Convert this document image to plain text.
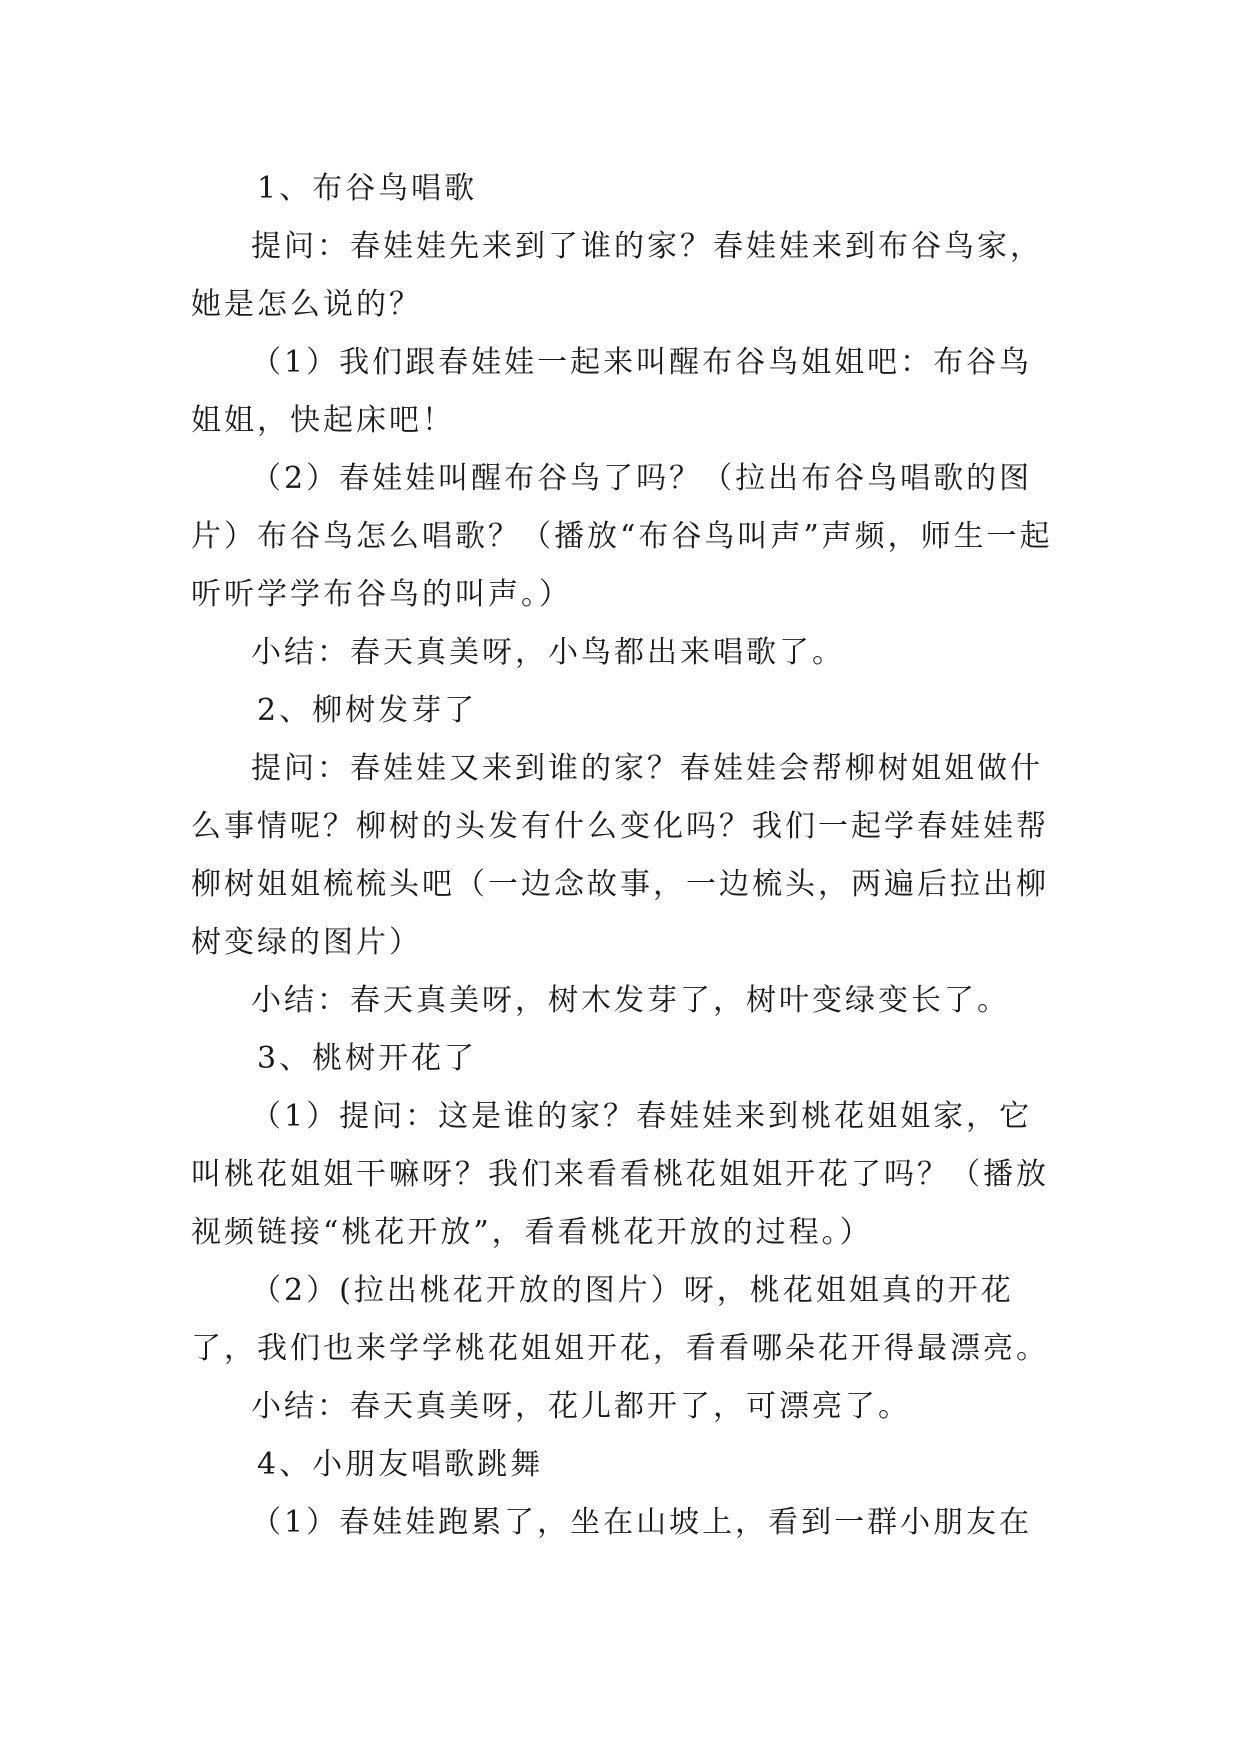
1、布谷鸟唱歌

提问：春娃娃先来到了谁的家？春娃娃来到布谷鸟家，她是怎么说的？

（1）我们跟春娃娃一起来叫醒布谷鸟姐姐吧：布谷鸟姐姐，快起床吧！

（2）春娃娃叫醒布谷鸟了吗？（拉出布谷鸟唱歌的图片）布谷鸟怎么唱歌？（播放“布谷鸟叫声”声频，师生一起听听学学布谷鸟的叫声。）

小结：春天真美呀，小鸟都出来唱歌了。

2、柳树发芽了

提问：春娃娃又来到谁的家？春娃娃会帮柳树姐姐做什么事情呢？柳树的头发有什么变化吗？我们一起学春娃娃帮柳树姐姐梳梳头吧（一边念故事，一边梳头，两遍后拉出柳树变绿的图片）

小结：春天真美呀，树木发芽了，树叶变绿变长了。

3、桃树开花了

（1）提问：这是谁的家？春娃娃来到桃花姐姐家，它叫桃花姐姐干嘛呀？我们来看看桃花姐姐开花了吗？（播放视频链接“桃花开放”，看看桃花开放的过程。）

（2）(拉出桃花开放的图片）呀，桃花姐姐真的开花了，我们也来学学桃花姐姐开花，看看哪朵花开得最漂亮。

小结：春天真美呀，花儿都开了，可漂亮了。

4、小朋友唱歌跳舞

（1）春娃娃跑累了，坐在山坡上，看到一群小朋友在
